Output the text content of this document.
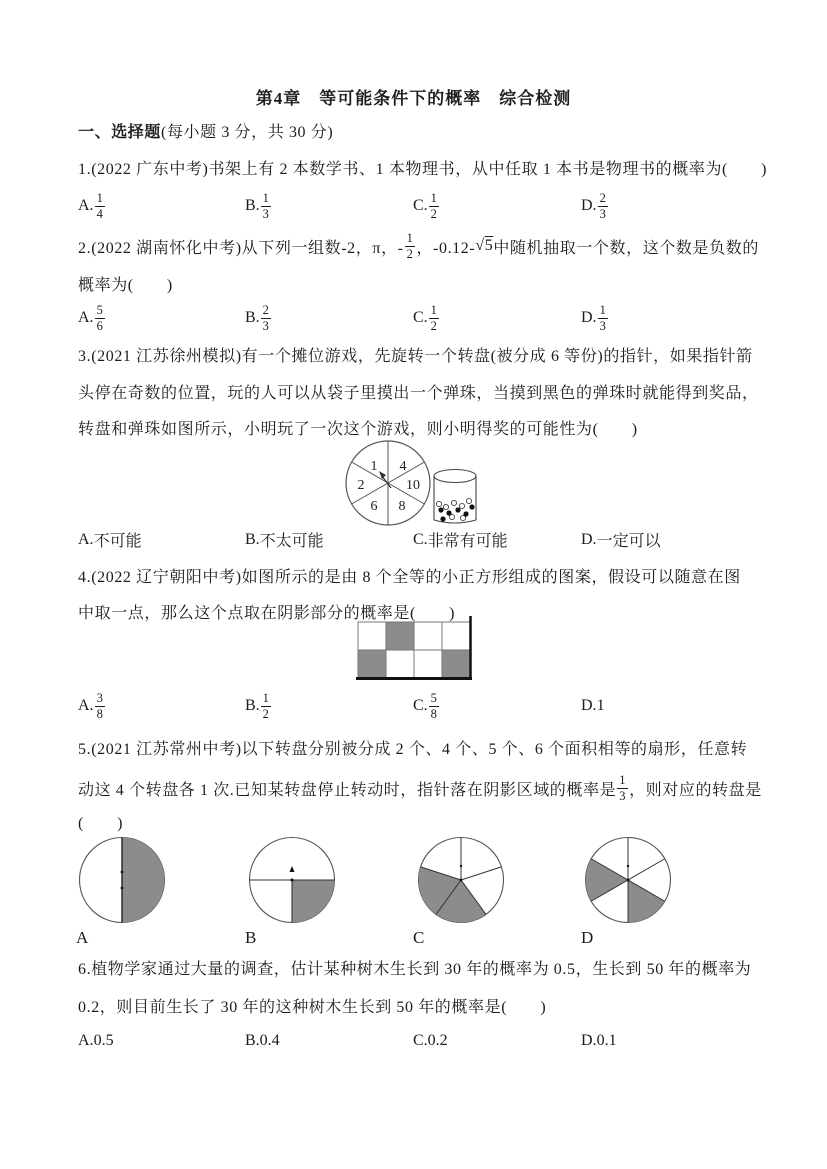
第4章　等可能条件下的概率　综合检测
一、选择题(每小题 3 分，共 30 分)
1.(2022 广东中考)书架上有 2 本数学书、1 本物理书，从中任取 1 本书是物理书的概率为(　　)
A. $\frac{1}{4}$	B. $\frac{1}{3}$	C. $\frac{1}{2}$	D. $\frac{2}{3}$
2.(2022 湖南怀化中考)从下列一组数-2，π，- $\frac{1}{2}$ ，-0.12- √ 5 中随机抽取一个数，这个数是负数的
概率为(　　)
A. $\frac{5}{6}$	B. $\frac{2}{3}$	C. $\frac{1}{2}$	D. $\frac{1}{3}$
3.(2021 江苏徐州模拟)有一个摊位游戏，先旋转一个转盘(被分成 6 等份)的指针，如果指针箭
头停在奇数的位置，玩的人可以从袋子里摸出一个弹珠，当摸到黑色的弹珠时就能得到奖品，
转盘和弹珠如图所示，小明玩了一次这个游戏，则小明得奖的可能性为(　　)
1 4
2	10
6 8
A. 不可能	B. 不太可能	C. 非常有可能	D. 一定可以
4.(2022 辽宁朝阳中考)如图所示的是由 8 个全等的小正方形组成的图案，假设可以随意在图
中取一点，那么这个点取在阴影部分的概率是(　　)
A. $\frac{3}{8}$	B. $\frac{1}{2}$	C. $\frac{5}{8}$	D. 1
5.(2021 江苏常州中考)以下转盘分别被分成 2 个、4 个、5 个、6 个面积相等的扇形，任意转
动这 4 个转盘各 1 次.已知某转盘停止转动时，指针落在阴影区域的概率是 $\frac{1}{3}$ ，则对应的转盘是
(　　)
A	B	C	D
6.植物学家通过大量的调查，估计某种树木生长到 30 年的概率为 0.5，生长到 50 年的概率为
0.2，则目前生长了 30 年的这种树木生长到 50 年的概率是(　　)
A. 0.5	B. 0.4	C. 0.2	D. 0.1
